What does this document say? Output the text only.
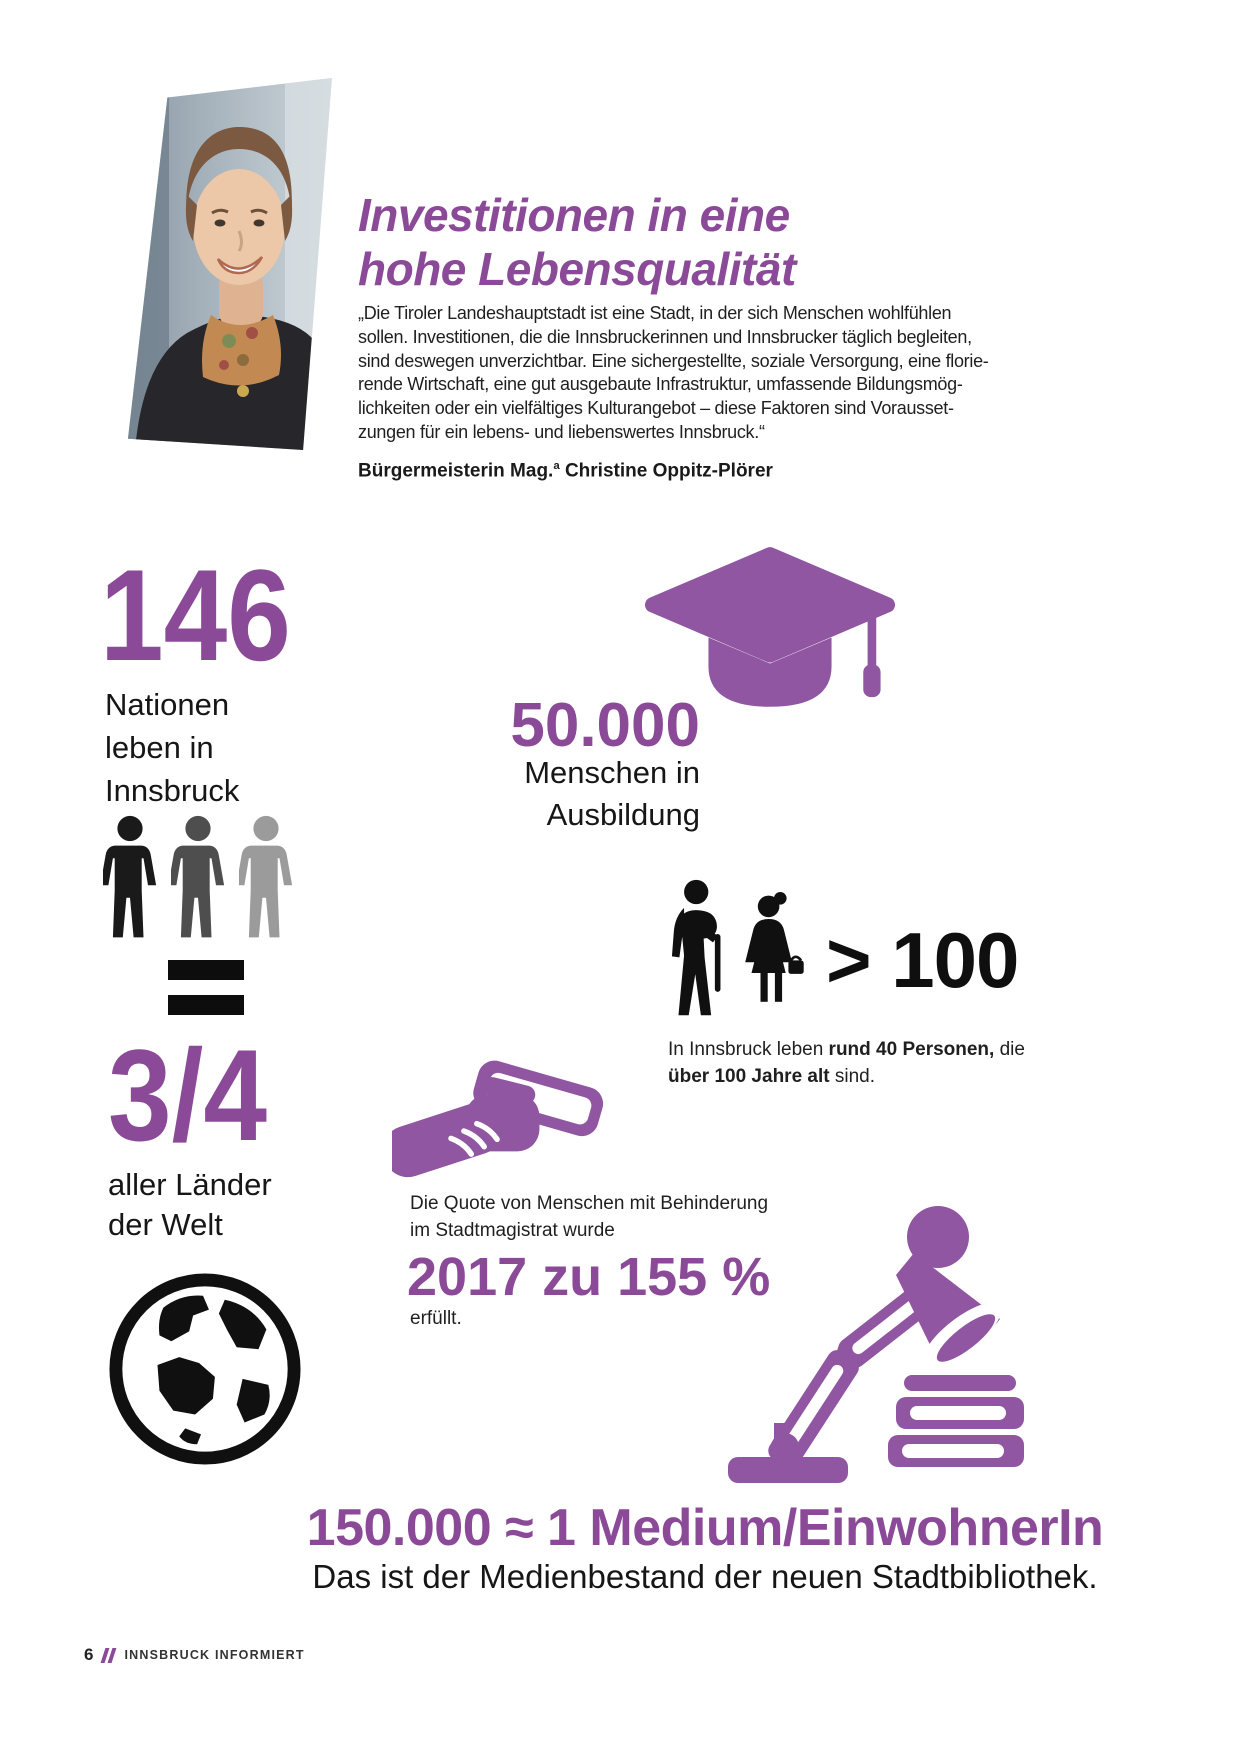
Investitionen in eine
hohe Lebensqualität
„Die Tiroler Landeshauptstadt ist eine Stadt, in der sich Menschen wohlfühlen
sollen. Investitionen, die die Innsbruckerinnen und Innsbrucker täglich begleiten,
sind deswegen unverzichtbar. Eine sichergestellte, soziale Versorgung, eine florie-
rende Wirtschaft, eine gut ausgebaute Infrastruktur, umfassende Bildungsmög-
lichkeiten oder ein vielfältiges Kulturangebot – diese Faktoren sind Vorausset-
zungen für ein lebens- und liebenswertes Innsbruck.“
Bürgermeisterin Mag.$^a$ Christine Oppitz-Plörer
146
Nationen
leben in
Innsbruck
3/4
aller Länder
der Welt
50.000
Menschen in
Ausbildung
> 100
In Innsbruck leben rund 40 Personen, die
über 100 Jahre alt sind.
Die Quote von Menschen mit Behinderung
im Stadtmagistrat wurde
2017 zu 155 %
erfüllt.
150.000 ≈ 1 Medium/EinwohnerIn
Das ist der Medienbestand der neuen Stadtbibliothek.
6 INNSBRUCK INFORMIERT
